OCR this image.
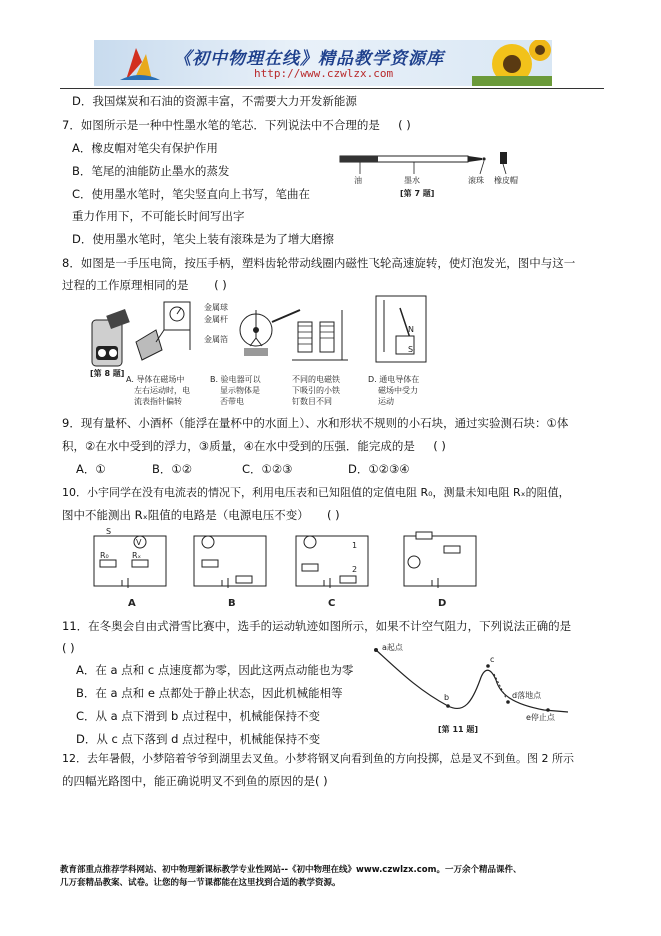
《初中物理在线》精品教学资源库
http://www.czwlzx.com
D．我国煤炭和石油的资源丰富，不需要大力开发新能源
7．如图所示是一种中性墨水笔的笔芯．下列说法中不合理的是 ( )
A．橡皮帽对笔尖有保护作用
B．笔尾的油能防止墨水的蒸发
C．使用墨水笔时，笔尖竖直向上书写，笔曲在
重力作用下，不可能长时间写出字
D．使用墨水笔时，笔尖上装有滚珠是为了增大磨擦
油	墨水	滚珠 橡皮帽
[第 7 题]
8．如图是一手压电筒，按压手柄，塑料齿轮带动线圈内磁性飞轮高速旋转，使灯泡发光，图中与这一
过程的工作原理相同的是 ( )
[第 8 题]
金属球
金属杆
金属箔
N
S
A. 导体在磁场中
左右运动时，电
流表指针偏转
B. 验电器可以
显示物体是
否带电
不同的电磁铁
下吸引的小铁
钉数目不同
D. 通电导体在
磁场中受力
运动
9．现有量杯、小酒杯（能浮在量杯中的水面上）、水和形状不规则的小石块，通过实验测石块：①体
积，②在水中受到的浮力，③质量，④在水中受到的压强．能完成的是 ( )
A．①	B．①②	C．①②③	D．①②③④
10．小宇同学在没有电流表的情况下，利用电压表和已知阻值的定值电阻 R₀，测量未知电阻 Rₓ的阻值，
图中不能测出 Rₓ阻值的电路是（电源电压不变） ( )
S
V
R₀	Rₓ
1
2
A	B	C	D
11．在冬奥会自由式滑雪比赛中，选手的运动轨迹如图所示，如果不计空气阻力，下列说法正确的是
( )
A．在 a 点和 c 点速度都为零，因此这两点动能也为零
B．在 a 点和 e 点都处于静止状态，因此机械能相等
C．从 a 点下滑到 b 点过程中，机械能保持不变
D．从 c 点下落到 d 点过程中，机械能保持不变
a起点
b
c
d落地点
e停止点
[第 11 题]
12．去年暑假，小梦陪着爷爷到湖里去叉鱼。小梦将钢叉向看到鱼的方向投掷，总是叉不到鱼。图 2 所示
的四幅光路图中，能正确说明叉不到鱼的原因的是( )
教育部重点推荐学科网站、初中物理新课标教学专业性网站--《初中物理在线》www.czwlzx.com。一万余个精品课件、
几万套精品教案、试卷。让您的每一节课都能在这里找到合适的教学资源。
